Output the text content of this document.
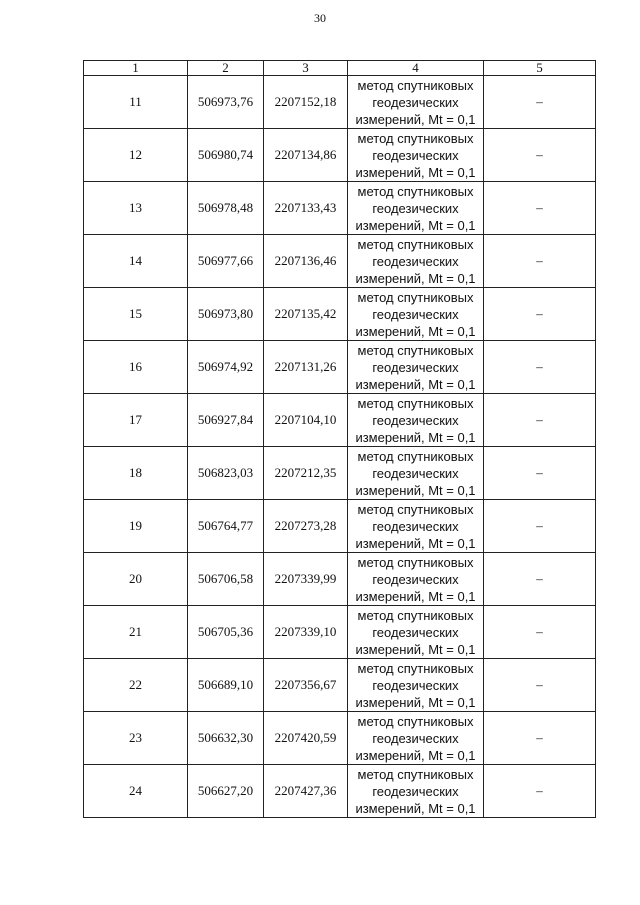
30
1	2	3	4	5
11	506973,76	2207152,18	метод спутниковых
геодезических
измерений, Mt = 0,1	–
12	506980,74	2207134,86	метод спутниковых
геодезических
измерений, Mt = 0,1	–
13	506978,48	2207133,43	метод спутниковых
геодезических
измерений, Mt = 0,1	–
14	506977,66	2207136,46	метод спутниковых
геодезических
измерений, Mt = 0,1	–
15	506973,80	2207135,42	метод спутниковых
геодезических
измерений, Mt = 0,1	–
16	506974,92	2207131,26	метод спутниковых
геодезических
измерений, Mt = 0,1	–
17	506927,84	2207104,10	метод спутниковых
геодезических
измерений, Mt = 0,1	–
18	506823,03	2207212,35	метод спутниковых
геодезических
измерений, Mt = 0,1	–
19	506764,77	2207273,28	метод спутниковых
геодезических
измерений, Mt = 0,1	–
20	506706,58	2207339,99	метод спутниковых
геодезических
измерений, Mt = 0,1	–
21	506705,36	2207339,10	метод спутниковых
геодезических
измерений, Mt = 0,1	–
22	506689,10	2207356,67	метод спутниковых
геодезических
измерений, Mt = 0,1	–
23	506632,30	2207420,59	метод спутниковых
геодезических
измерений, Mt = 0,1	–
24	506627,20	2207427,36	метод спутниковых
геодезических
измерений, Mt = 0,1	–
